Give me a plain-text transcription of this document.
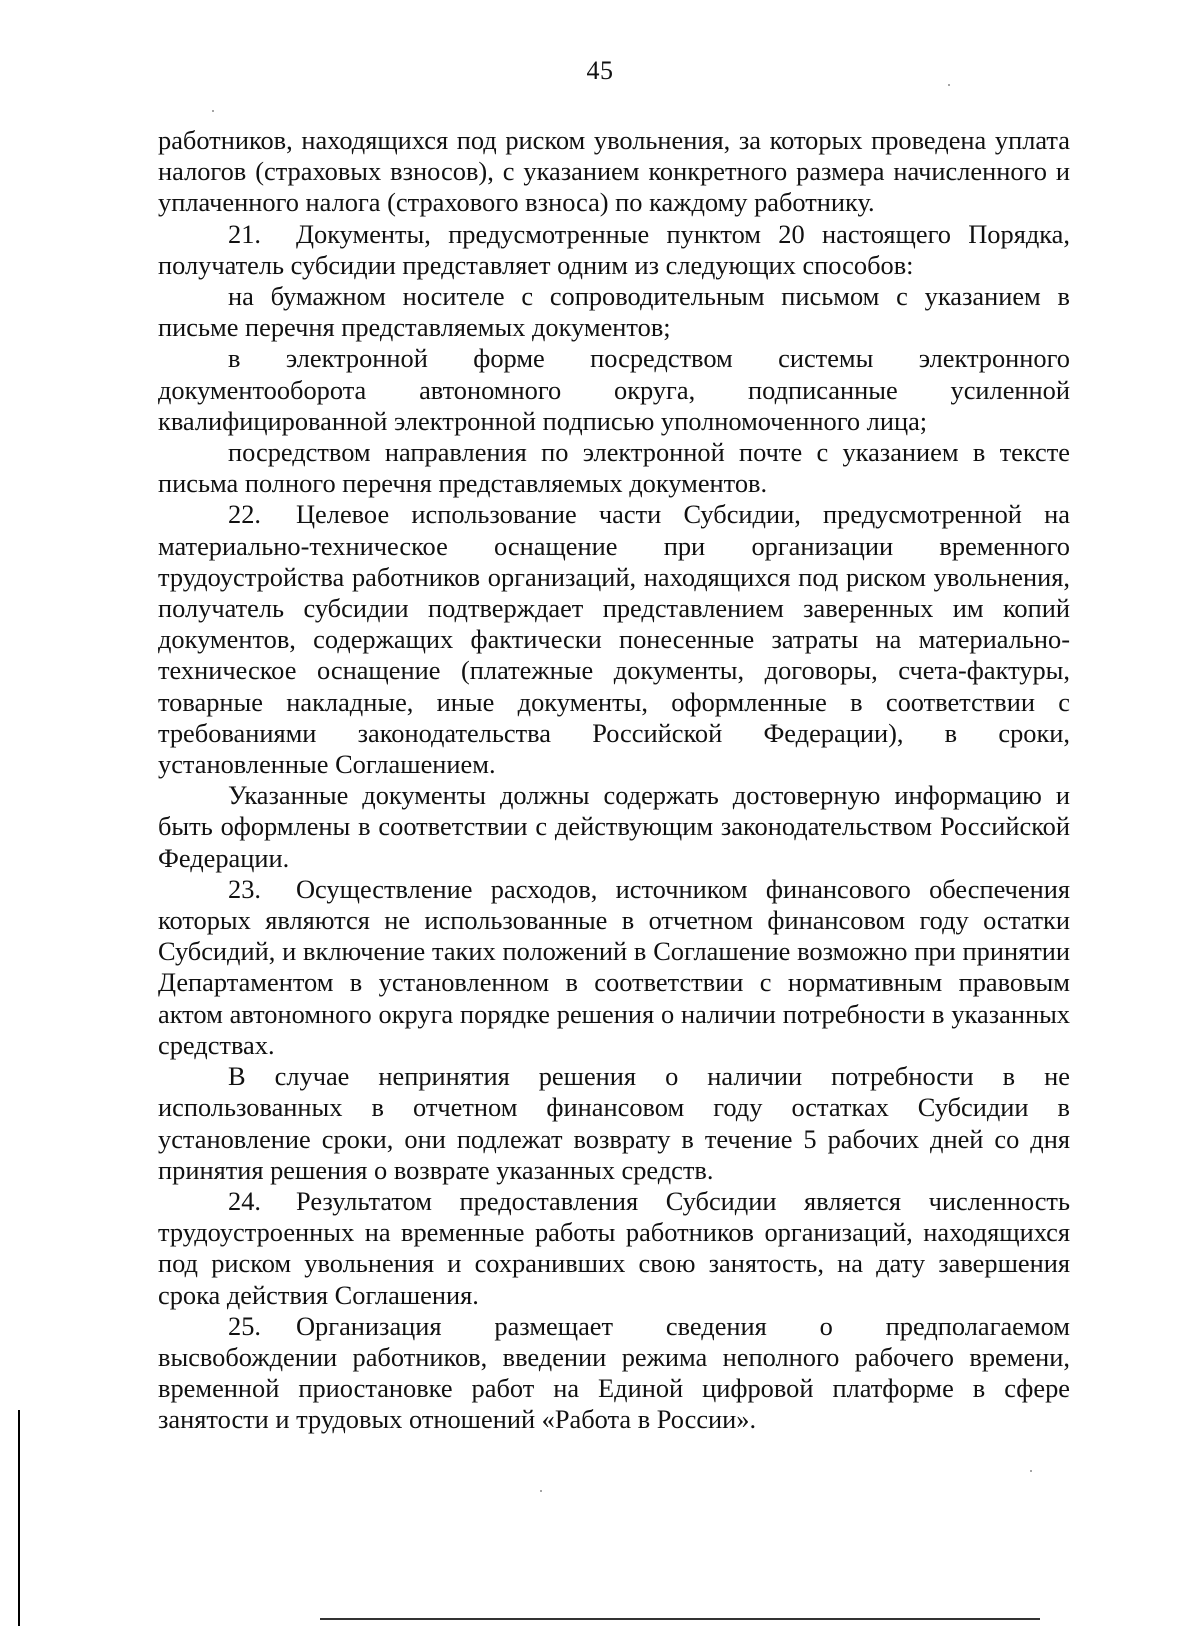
45

работников, находящихся под риском увольнения, за которых проведена уплата налогов (страховых взносов), с указанием конкретного размера начисленного и уплаченного налога (страхового взноса) по каждому работнику.

21. Документы, предусмотренные пунктом 20 настоящего Порядка, получатель субсидии представляет одним из следующих способов:

на бумажном носителе с сопроводительным письмом с указанием в письме перечня представляемых документов;

в электронной форме посредством системы электронного документооборота автономного округа, подписанные усиленной квалифицированной электронной подписью уполномоченного лица;

посредством направления по электронной почте с указанием в тексте письма полного перечня представляемых документов.

22. Целевое использование части Субсидии, предусмотренной на материально-техническое оснащение при организации временного трудоустройства работников организаций, находящихся под риском увольнения, получатель субсидии подтверждает представлением заверенных им копий документов, содержащих фактически понесенные затраты на материально-техническое оснащение (платежные документы, договоры, счета-фактуры, товарные накладные, иные документы, оформленные в соответствии с требованиями законодательства Российской Федерации), в сроки, установленные Соглашением.

Указанные документы должны содержать достоверную информацию и быть оформлены в соответствии с действующим законодательством Российской Федерации.

23. Осуществление расходов, источником финансового обеспечения которых являются не использованные в отчетном финансовом году остатки Субсидий, и включение таких положений в Соглашение возможно при принятии Департаментом в установленном в соответствии с нормативным правовым актом автономного округа порядке решения о наличии потребности в указанных средствах.

В случае непринятия решения о наличии потребности в не использованных в отчетном финансовом году остатках Субсидии в установление сроки, они подлежат возврату в течение 5 рабочих дней со дня принятия решения о возврате указанных средств.

24. Результатом предоставления Субсидии является численность трудоустроенных на временные работы работников организаций, находящихся под риском увольнения и сохранивших свою занятость, на дату завершения срока действия Соглашения.

25. Организация размещает сведения о предполагаемом высвобождении работников, введении режима неполного рабочего времени, временной приостановке работ на Единой цифровой платформе в сфере занятости и трудовых отношений «Работа в России».
